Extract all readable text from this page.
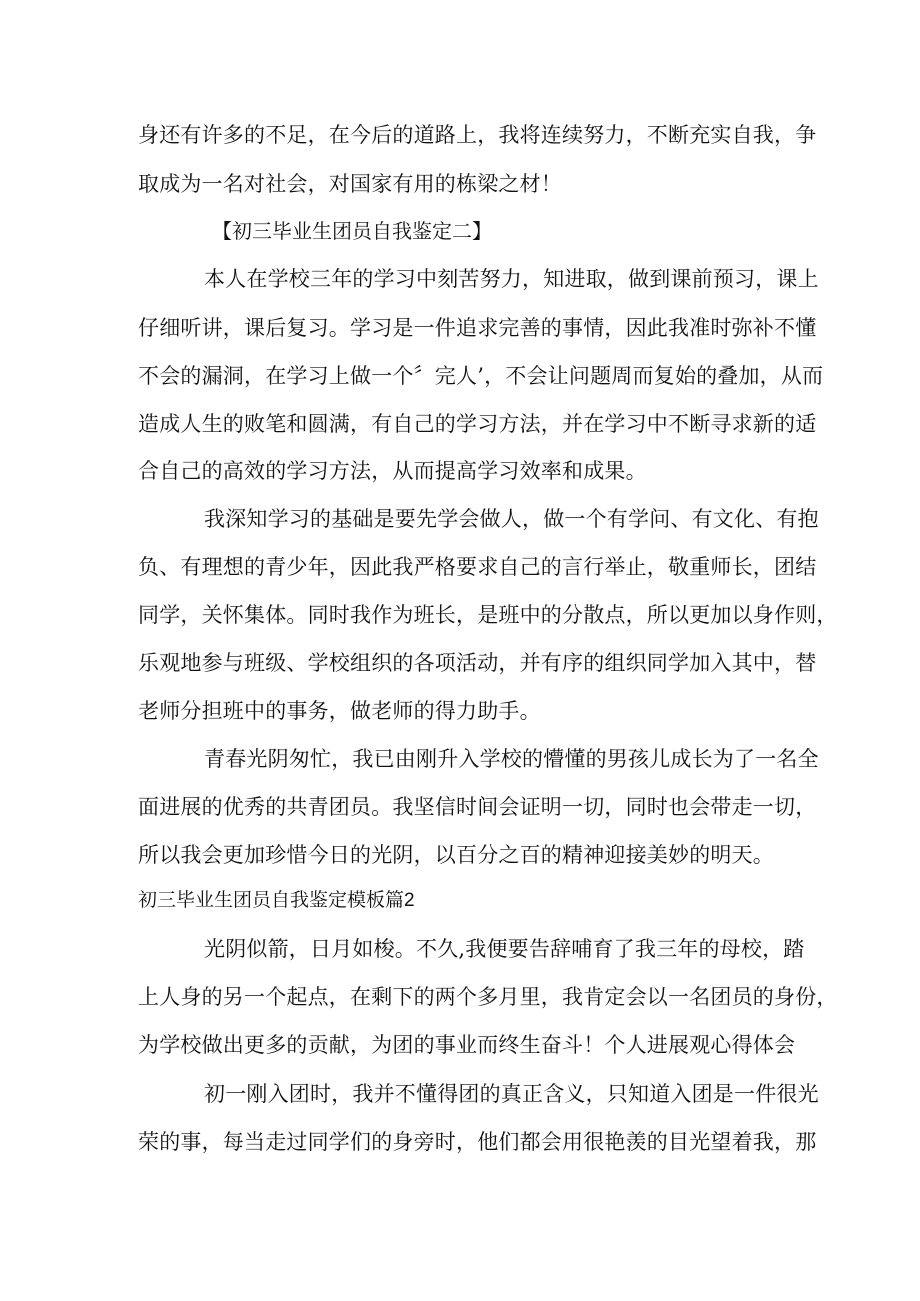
身还有许多的不足，在今后的道路上，我将连续努力，不断充实自我，争
取成为一名对社会，对国家有用的栋梁之材！
【初三毕业生团员自我鉴定二】
本人在学校三年的学习中刻苦努力，知进取，做到课前预习，课上
仔细听讲，课后复习。学习是一件追求完善的事情，因此我准时弥补不懂
不会的漏洞，在学习上做一个〞完人’，不会让问题周而复始的叠加，从而
造成人生的败笔和圆满，有自己的学习方法，并在学习中不断寻求新的适
合自己的高效的学习方法，从而提高学习效率和成果。
我深知学习的基础是要先学会做人，做一个有学问、有文化、有抱
负、有理想的青少年，因此我严格要求自己的言行举止，敬重师长，团结
同学，关怀集体。同时我作为班长，是班中的分散点，所以更加以身作则，
乐观地参与班级、学校组织的各项活动，并有序的组织同学加入其中，替
老师分担班中的事务，做老师的得力助手。
青春光阴匆忙，我已由刚升入学校的懵懂的男孩儿成长为了一名全
面进展的优秀的共青团员。我坚信时间会证明一切，同时也会带走一切，
所以我会更加珍惜今日的光阴，以百分之百的精神迎接美妙的明天。
初三毕业生团员自我鉴定模板篇2
光阴似箭，日月如梭。不久,我便要告辞哺育了我三年的母校，踏
上人身的另一个起点，在剩下的两个多月里，我肯定会以一名团员的身份，
为学校做出更多的贡献，为团的事业而终生奋斗！个人进展观心得体会
初一刚入团时，我并不懂得团的真正含义，只知道入团是一件很光
荣的事，每当走过同学们的身旁时，他们都会用很艳羡的目光望着我，那
